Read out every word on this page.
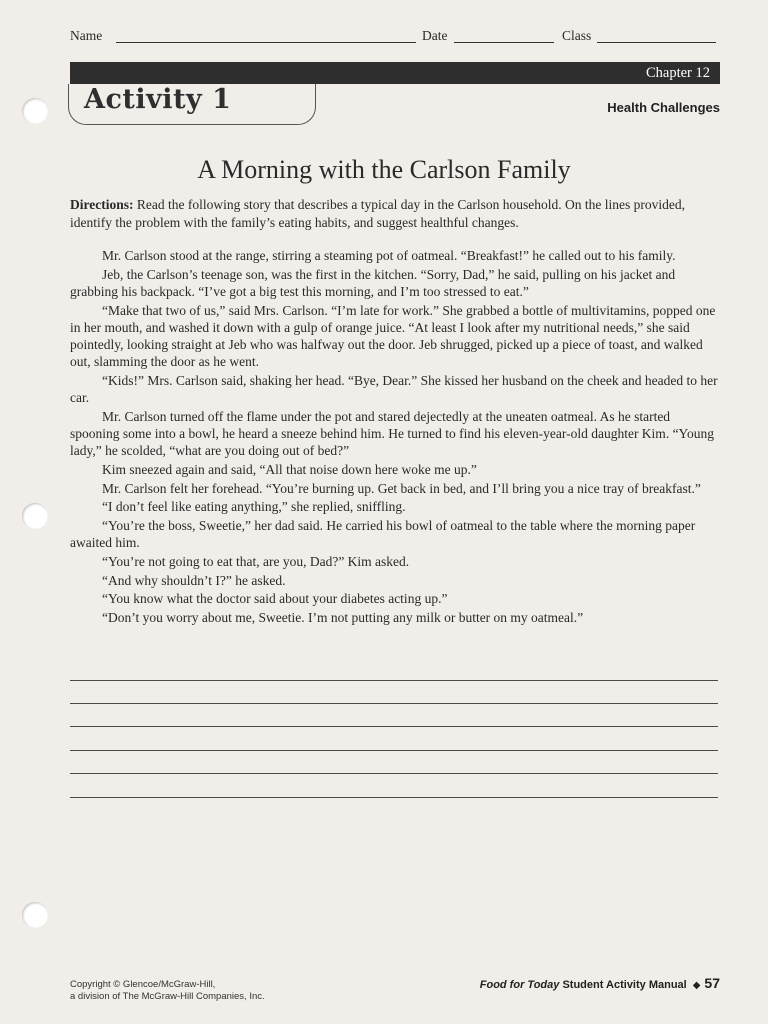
Name	Date	Class
Chapter 12
Activity 1	Health Challenges
A Morning with the Carlson Family
Directions: Read the following story that describes a typical day in the Carlson household. On the lines provided, identify the problem with the family’s eating habits, and suggest healthful changes.

Mr. Carlson stood at the range, stirring a steaming pot of oatmeal. “Breakfast!” he called out to his family.

Jeb, the Carlson’s teenage son, was the first in the kitchen. “Sorry, Dad,” he said, pulling on his jacket and grabbing his backpack. “I’ve got a big test this morning, and I’m too stressed to eat.”

“Make that two of us,” said Mrs. Carlson. “I’m late for work.” She grabbed a bottle of multivitamins, popped one in her mouth, and washed it down with a gulp of orange juice. “At least I look after my nutritional needs,” she said pointedly, looking straight at Jeb who was halfway out the door. Jeb shrugged, picked up a piece of toast, and walked out, slamming the door as he went.

“Kids!” Mrs. Carlson said, shaking her head. “Bye, Dear.” She kissed her husband on the cheek and headed to her car.

Mr. Carlson turned off the flame under the pot and stared dejectedly at the uneaten oatmeal. As he started spooning some into a bowl, he heard a sneeze behind him. He turned to find his eleven-year-old daughter Kim. “Young lady,” he scolded, “what are you doing out of bed?”

Kim sneezed again and said, “All that noise down here woke me up.”

Mr. Carlson felt her forehead. “You’re burning up. Get back in bed, and I’ll bring you a nice tray of breakfast.”

“I don’t feel like eating anything,” she replied, sniffling.

“You’re the boss, Sweetie,” her dad said. He carried his bowl of oatmeal to the table where the morning paper awaited him.

“You’re not going to eat that, are you, Dad?” Kim asked.

“And why shouldn’t I?” he asked.

“You know what the doctor said about your diabetes acting up.”

“Don’t you worry about me, Sweetie. I’m not putting any milk or butter on my oatmeal.”

Copyright © Glencoe/McGraw-Hill,
a division of The McGraw-Hill Companies, Inc.
Food for Today Student Activity Manual ◆ 57
